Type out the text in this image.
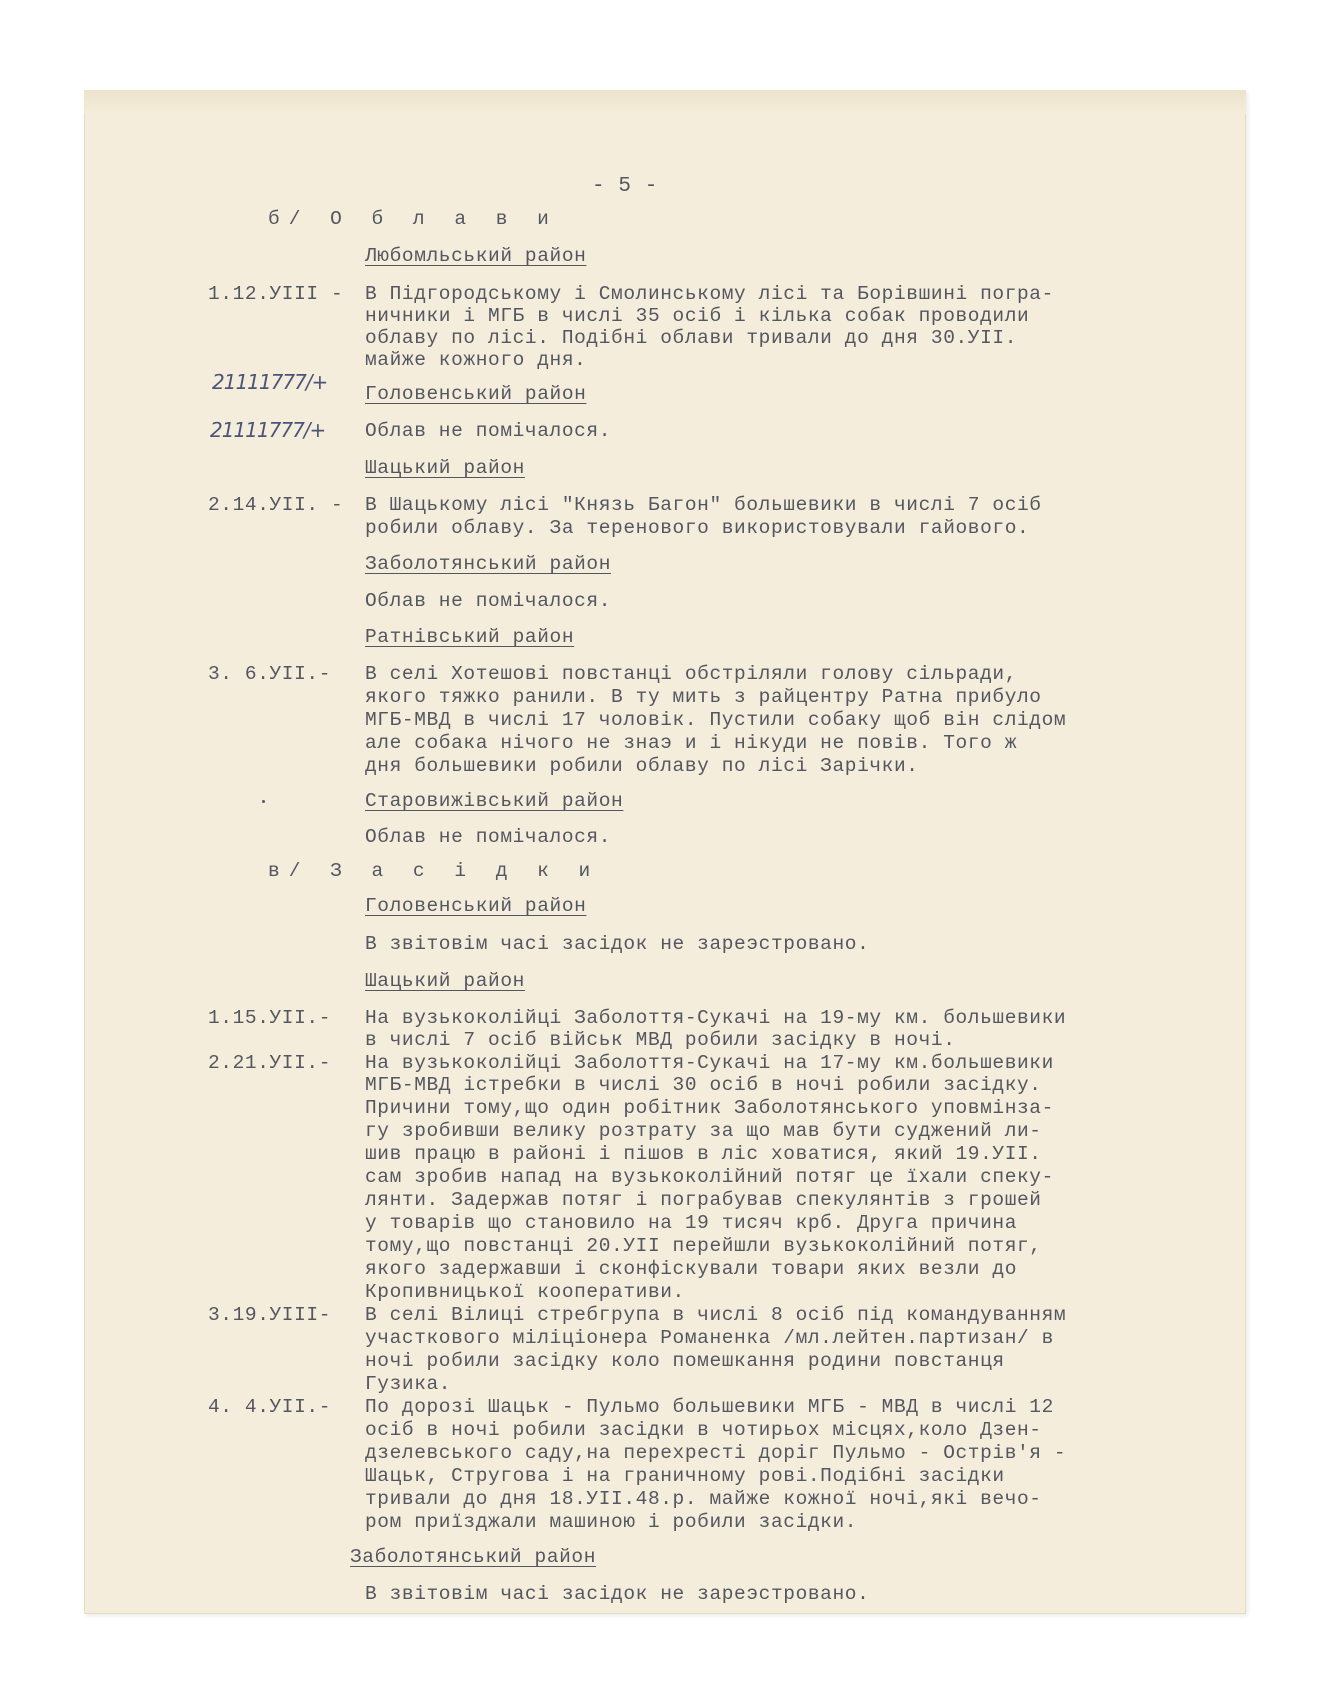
- 5 -
б/ О б л а в и
Любомльський район
1.12.УIII - В Підгородському і Смолинському лісі та Борівшині погра-
ничники і МГБ в числі 35 осіб і кілька собак проводили
облаву по лісі. Подібні облави тривали до дня 30.УII.
майже кожного дня.
21111777/+ Головенський район
21111777/+ Облав не помічалося.
Шацький район
2.14.УII. - В Шацькому лісі "Князь Багон" большевики в числі 7 осіб
робили облаву. За теренового використовували гайового.
Заболотянський район
Облав не помічалося.
Ратнівський район
3. 6.УII.- В селі Хотешові повстанці обстріляли голову сільради,
якого тяжко ранили. В ту мить з райцентру Ратна прибуло
МГБ-МВД в числі 17 чоловік. Пустили собаку щоб він слідом
але собака нічого не знаэ и і нікуди не повів. Того ж
дня большевики робили облаву по лісі Зарічки.
Старовижівський район
Облав не помічалося.
в/ З а с і д к и
Головенський район
В звітовім часі засідок не зареэстровано.
Шацький район
1.15.УII.- На вузькоколійці Заболоття-Сукачі на 19-му км. большевики
в числі 7 осіб військ МВД робили засідку в ночі.
2.21.УII.- На вузькоколійці Заболоття-Сукачі на 17-му км.большевики
МГБ-МВД істребки в числі 30 осіб в ночі робили засідку.
Причини тому,що один робітник Заболотянського уповмінза-
гу зробивши велику розтрату за що мав бути суджений ли-
шив працю в районі і пішов в ліс ховатися, який 19.УII.
сам зробив напад на вузькоколійний потяг це їхали спеку-
лянти. Задержав потяг і пограбував спекулянтів з грошей
у товарів що становило на 19 тисяч крб. Друга причина
тому,що повстанці 20.УII перейшли вузькоколійний потяг,
якого задержавши і сконфіскували товари яких везли до
Кропивницької кооперативи.
3.19.УIII- В селі Вілиці стребгрупа в числі 8 осіб під командуванням
участкового міліціонера Романенка /мл.лейтен.партизан/ в
ночі робили засідку коло помешкання родини повстанця
Гузика.
4. 4.УII.- По дорозі Шацьк - Пульмо большевики МГБ - МВД в числі 12
осіб в ночі робили засідки в чотирьох місцях,коло Дзен-
дзелевського саду,на перехресті доріг Пульмо - Острів'я -
Шацьк, Стругова і на граничному рові.Подібні засідки
тривали до дня 18.УII.48.р. майже кожної ночі,які вечо-
ром приїзджали машиною і робили засідки.
Заболотянський район
В звітовім часі засідок не зареэстровано.
